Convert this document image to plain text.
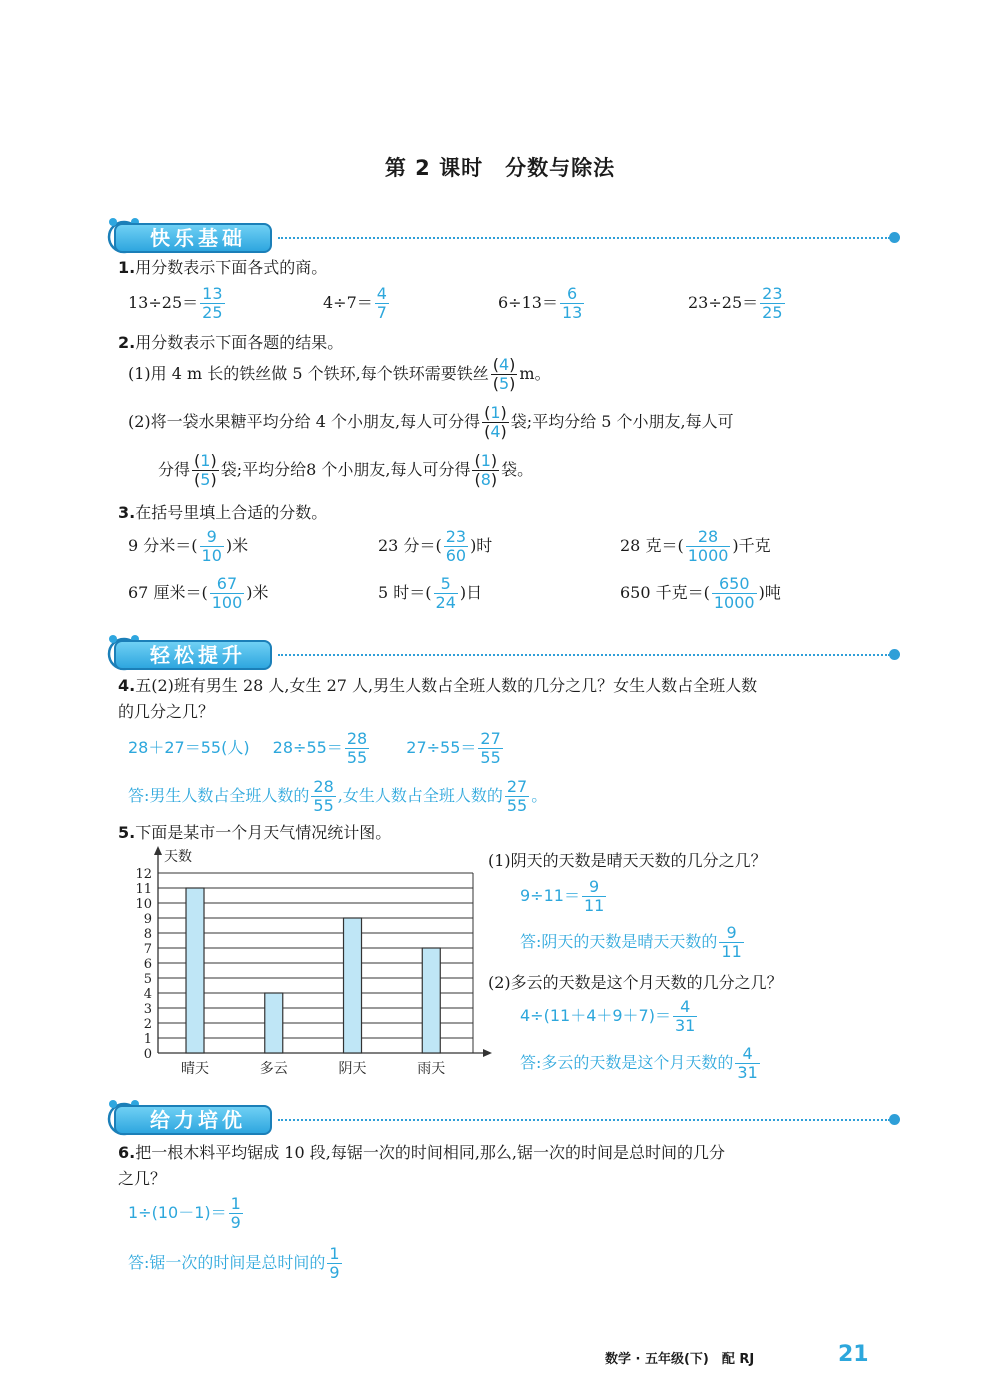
第 2 课时　分数与除法
快乐基础
1.用分数表示下面各式的商。
$13\div 25= \frac{13}{25}$	$4\div 7= \frac{4}{7}$	$6\div 13= \frac{6}{13}$	$23\div 25= \frac{23}{25}$
2.用分数表示下面各题的结果。
(1)用 4 m 长的铁丝做 5 个铁环,每个铁环需要铁丝 $\frac{(4)}{(5)}$ m。
(2)将一袋水果糖平均分给 4 个小朋友,每人可分得 $\frac{(1)}{(4)}$ 袋;平均分给 5 个小朋友,每人可
分得 $\frac{(1)}{(5)}$ 袋;平均分给8 个小朋友,每人可分得 $\frac{(1)}{(8)}$ 袋。
3.在括号里填上合适的分数。
9 分米＝( $\frac{9}{10}$ )米	23 分＝( $\frac{23}{60}$ )时	28 克＝( $\frac{28}{1000}$ )千克
67 厘米＝( $\frac{67}{100}$ )米	5 时＝( $\frac{5}{24}$ )日	650 千克＝( $\frac{650}{1000}$ )吨
轻松提升
4.五(2)班有男生 28 人,女生 27 人,男生人数占全班人数的几分之几？女生人数占全班人数
的几分之几？
28＋27＝55(人) $28\div 55= \frac{28}{55} 27\div 55= \frac{27}{55}$
答:男生人数占全班人数的 $\frac{28}{55}$ ,女生人数占全班人数的 $\frac{27}{55}$ 。
5.下面是某市一个月天气情况统计图。
天数
0
1
2
3
4
5
6
7
8
9
10
11
12
晴天	多云	阴天	雨天
(1)阴天的天数是晴天天数的几分之几？
$9\div 11= \frac{9}{11}$
答:阴天的天数是晴天天数的 $\frac{9}{11}$
(2)多云的天数是这个月天数的几分之几？
$4\div(11+4+9+7)= \frac{4}{31}$
答:多云的天数是这个月天数的 $\frac{4}{31}$
给力培优
6.把一根木料平均锯成 10 段,每锯一次的时间相同,那么,锯一次的时间是总时间的几分
之几？
$1\div(10-1)= \frac{1}{9}$
答:锯一次的时间是总时间的 $\frac{1}{9}$
数学 · 五年级(下)　配 RJ	21
